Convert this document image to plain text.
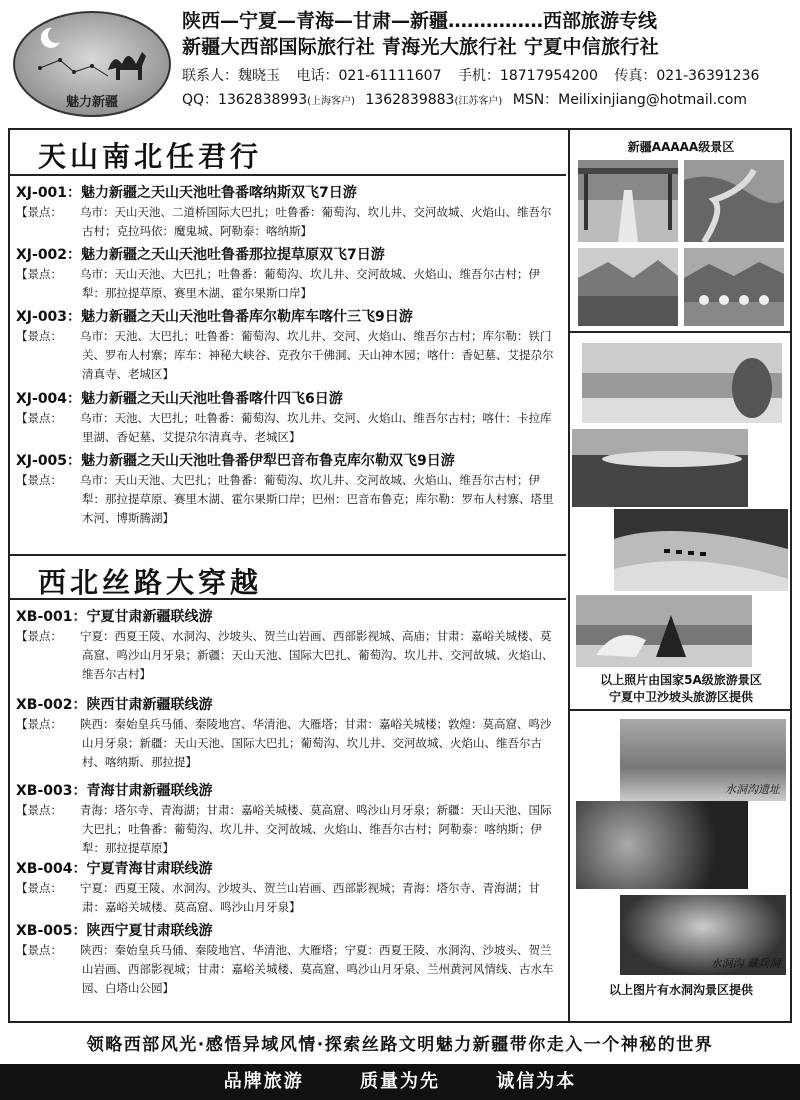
魅力新疆
陕西—宁夏—青海—甘肃—新疆……………西部旅游专线
新疆大西部国际旅行社 青海光大旅行社 宁夏中信旅行社
联系人：魏晓玉 电话：021-61111607 手机：18717954200 传真：021-36391236
QQ：1362838993(上海客户) 1362839883(江苏客户) MSN：Meilixinjiang@hotmail.com
天山南北任君行
XJ-001：魅力新疆之天山天池吐鲁番喀纳斯双飞7日游
【景点： 乌市：天山天池、二道桥国际大巴扎；吐鲁番：葡萄沟、坎儿井、交河故城、火焰山、维吾尔古村；克拉玛依：魔鬼城、阿勒泰：喀纳斯】
XJ-002：魅力新疆之天山天池吐鲁番那拉提草原双飞7日游
【景点： 乌市：天山天池、大巴扎；吐鲁番：葡萄沟、坎儿井、交河故城、火焰山、维吾尔古村；伊犁：那拉提草原、赛里木湖、霍尔果斯口岸】
XJ-003：魅力新疆之天山天池吐鲁番库尔勒库车喀什三飞9日游
【景点： 乌市：天池、大巴扎；吐鲁番：葡萄沟、坎儿井、交河、火焰山、维吾尔古村；库尔勒：铁门关、罗布人村寨；库车：神秘大峡谷、克孜尔千佛洞、天山神木园；喀什：香妃墓、艾提尕尔清真寺、老城区】
XJ-004：魅力新疆之天山天池吐鲁番喀什四飞6日游
【景点： 乌市：天池、大巴扎；吐鲁番：葡萄沟、坎儿井、交河、火焰山、维吾尔古村；喀什：卡拉库里湖、香妃墓、艾提尕尔清真寺、老城区】
XJ-005：魅力新疆之天山天池吐鲁番伊犁巴音布鲁克库尔勒双飞9日游
【景点： 乌市：天山天池、大巴扎；吐鲁番：葡萄沟、坎儿井、交河故城、火焰山、维吾尔古村；伊犁：那拉提草原、赛里木湖、霍尔果斯口岸；巴州：巴音布鲁克；库尔勒：罗布人村寨、塔里木河、博斯腾湖】
西北丝路大穿越
XB-001：宁夏甘肃新疆联线游
【景点： 宁夏：西夏王陵、水洞沟、沙坡头、贺兰山岩画、西部影视城、高庙；甘肃：嘉峪关城楼、莫高窟、鸣沙山月牙泉；新疆：天山天池、国际大巴扎、葡萄沟、坎儿井、交河故城、火焰山、维吾尔古村】
XB-002：陕西甘肃新疆联线游
【景点： 陕西：秦始皇兵马俑、秦陵地宫、华清池、大雁塔；甘肃：嘉峪关城楼；敦煌：莫高窟、鸣沙山月牙泉；新疆：天山天池、国际大巴扎；葡萄沟、坎儿井、交河故城、火焰山、维吾尔古村、喀纳斯、那拉提】
XB-003：青海甘肃新疆联线游
【景点： 青海：塔尔寺、青海湖；甘肃：嘉峪关城楼、莫高窟、鸣沙山月牙泉；新疆：天山天池、国际大巴扎；吐鲁番：葡萄沟、坎儿井、交河故城、火焰山、维吾尔古村；阿勒泰：喀纳斯；伊犁：那拉提草原】
XB-004：宁夏青海甘肃联线游
【景点： 宁夏：西夏王陵、水洞沟、沙坡头、贺兰山岩画、西部影视城；青海：塔尔寺、青海湖；甘肃：嘉峪关城楼、莫高窟、鸣沙山月牙泉】
XB-005：陕西宁夏甘肃联线游
【景点： 陕西：秦始皇兵马俑、秦陵地宫、华清池、大雁塔；宁夏：西夏王陵、水洞沟、沙坡头、贺兰山岩画、西部影视城；甘肃：嘉峪关城楼、莫高窟、鸣沙山月牙泉、兰州黄河风情线、古水车园、白塔山公园】
新疆AAAAA级景区
以上照片由国家5A级旅游景区
宁夏中卫沙坡头旅游区提供
水洞沟遗址
水洞沟 藏兵洞
以上图片有水洞沟景区提供
领略西部风光·感悟异域风情·探索丝路文明魅力新疆带你走入一个神秘的世界
品牌旅游	质量为先	诚信为本
